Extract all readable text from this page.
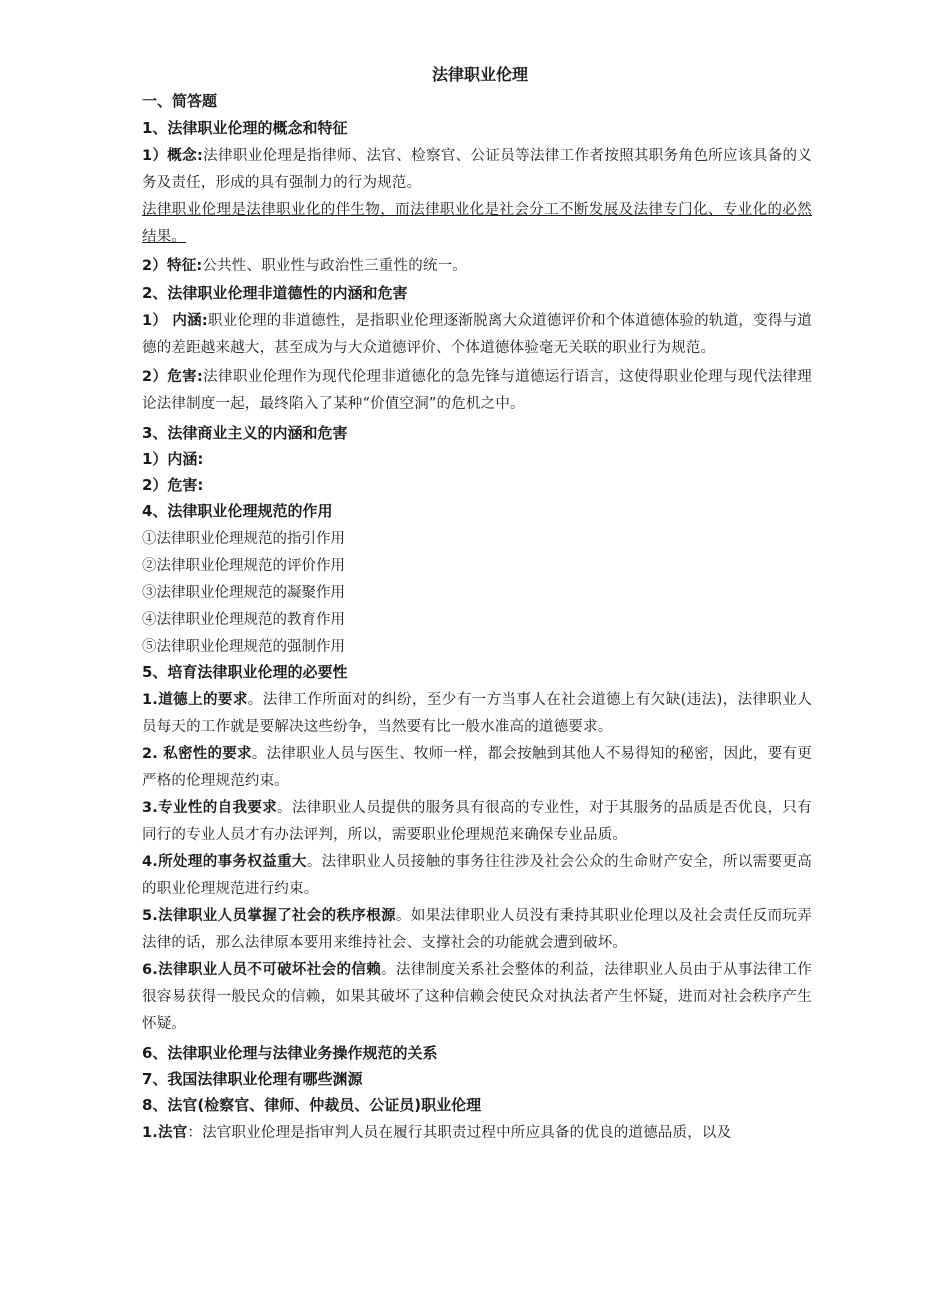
法律职业伦理
一、简答题
1、法律职业伦理的概念和特征
1）概念:法律职业伦理是指律师、法官、检察官、公证员等法律工作者按照其职务角色所应该具备的义务及责任，形成的具有强制力的行为规范。
法律职业伦理是法律职业化的伴生物，而法律职业化是社会分工不断发展及法律专门化、专业化的必然结果。
2）特征:公共性、职业性与政治性三重性的统一。
2、法律职业伦理非道德性的内涵和危害
1） 内涵:职业伦理的非道德性，是指职业伦理逐渐脱离大众道德评价和个体道德体验的轨道，变得与道德的差距越来越大，甚至成为与大众道德评价、个体道德体验毫无关联的职业行为规范。
2）危害:法律职业伦理作为现代伦理非道德化的急先锋与道德运行语言，这使得职业伦理与现代法律理论法律制度一起，最终陷入了某种“价值空洞”的危机之中。
3、法律商业主义的内涵和危害
1）内涵:
2）危害:
4、法律职业伦理规范的作用
①法律职业伦理规范的指引作用
②法律职业伦理规范的评价作用
③法律职业伦理规范的凝聚作用
④法律职业伦理规范的教育作用
⑤法律职业伦理规范的强制作用
5、培育法律职业伦理的必要性
1.道德上的要求。法律工作所面对的纠纷，至少有一方当事人在社会道德上有欠缺(违法)，法律职业人员每天的工作就是要解决这些纷争，当然要有比一般水准高的道德要求。
2. 私密性的要求。法律职业人员与医生、牧师一样，都会按触到其他人不易得知的秘密，因此，要有更严格的伦理规范约束。
3.专业性的自我要求。法律职业人员提供的服务具有很高的专业性，对于其服务的品质是否优良，只有同行的专业人员才有办法评判，所以，需要职业伦理规范来确保专业品质。
4.所处理的事务权益重大。法律职业人员接触的事务往往涉及社会公众的生命财产安全，所以需要更高的职业伦理规范进行约束。
5.法律职业人员掌握了社会的秩序根源。如果法律职业人员没有秉持其职业伦理以及社会责任反而玩弄法律的话，那么法律原本要用来维持社会、支撑社会的功能就会遭到破坏。
6.法律职业人员不可破坏社会的信赖。法律制度关系社会整体的利益，法律职业人员由于从事法律工作 很容易获得一般民众的信赖，如果其破坏了这种信赖会使民众对执法者产生怀疑，进而对社会秩序产生怀疑。
6、法律职业伦理与法律业务操作规范的关系
7、我国法律职业伦理有哪些渊源
8、法官(检察官、律师、仲裁员、公证员)职业伦理
1.法官：法官职业伦理是指审判人员在履行其职责过程中所应具备的优良的道德品质，以及
